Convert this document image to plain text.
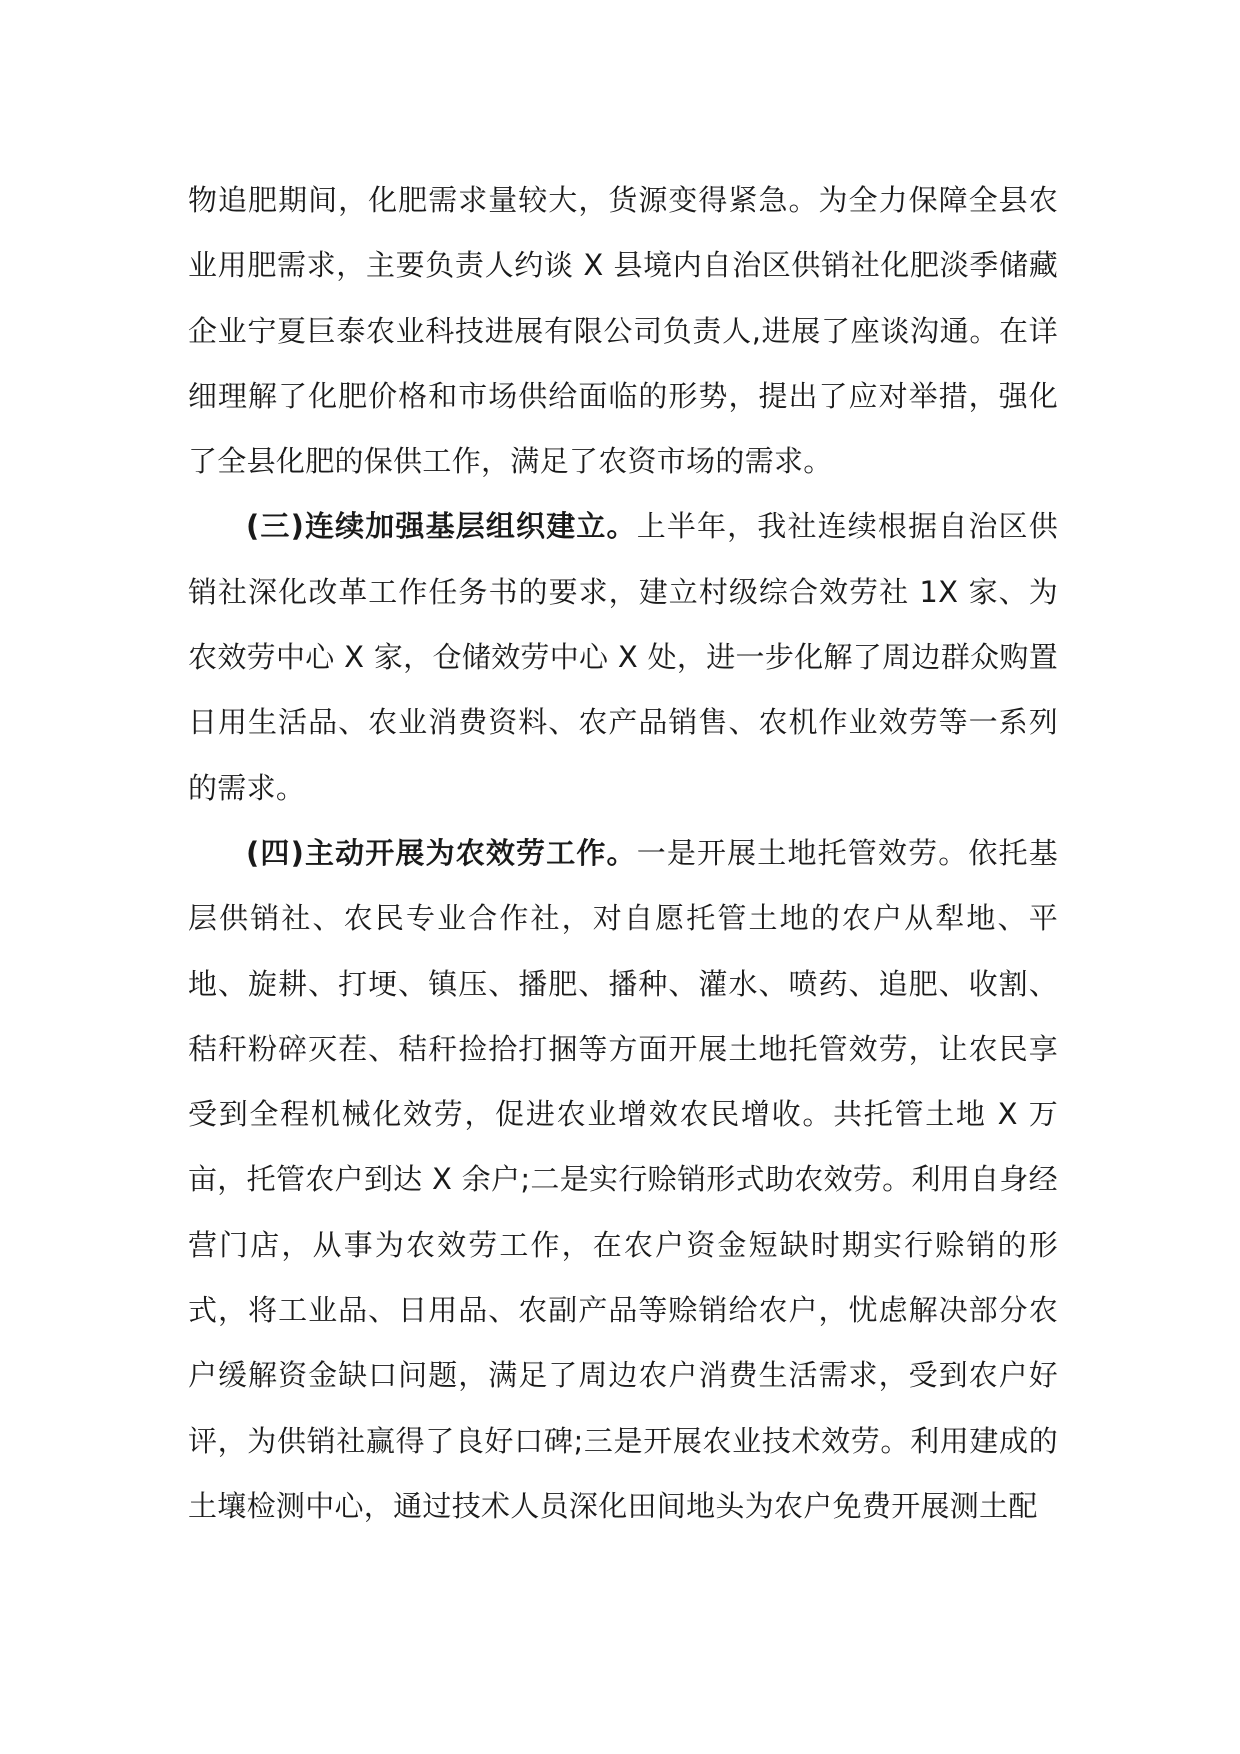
物追肥期间，化肥需求量较大，货源变得紧急。为全力保障全县农业用肥需求，主要负责人约谈 X 县境内自治区供销社化肥淡季储藏企业宁夏巨泰农业科技进展有限公司负责人,进展了座谈沟通。在详细理解了化肥价格和市场供给面临的形势，提出了应对举措，强化了全县化肥的保供工作，满足了农资市场的需求。

(三)连续加强基层组织建立。上半年，我社连续根据自治区供销社深化改革工作任务书的要求，建立村级综合效劳社 1X 家、为农效劳中心 X 家，仓储效劳中心 X 处，进一步化解了周边群众购置日用生活品、农业消费资料、农产品销售、农机作业效劳等一系列的需求。

(四)主动开展为农效劳工作。一是开展土地托管效劳。依托基层供销社、农民专业合作社，对自愿托管土地的农户从犁地、平地、旋耕、打埂、镇压、播肥、播种、灌水、喷药、追肥、收割、秸秆粉碎灭茬、秸秆捡拾打捆等方面开展土地托管效劳，让农民享受到全程机械化效劳，促进农业增效农民增收。共托管土地 X 万亩，托管农户到达 X 余户;二是实行赊销形式助农效劳。利用自身经营门店，从事为农效劳工作，在农户资金短缺时期实行赊销的形式，将工业品、日用品、农副产品等赊销给农户，忧虑解决部分农户缓解资金缺口问题，满足了周边农户消费生活需求，受到农户好评，为供销社赢得了良好口碑;三是开展农业技术效劳。利用建成的土壤检测中心，通过技术人员深化田间地头为农户免费开展测土配
